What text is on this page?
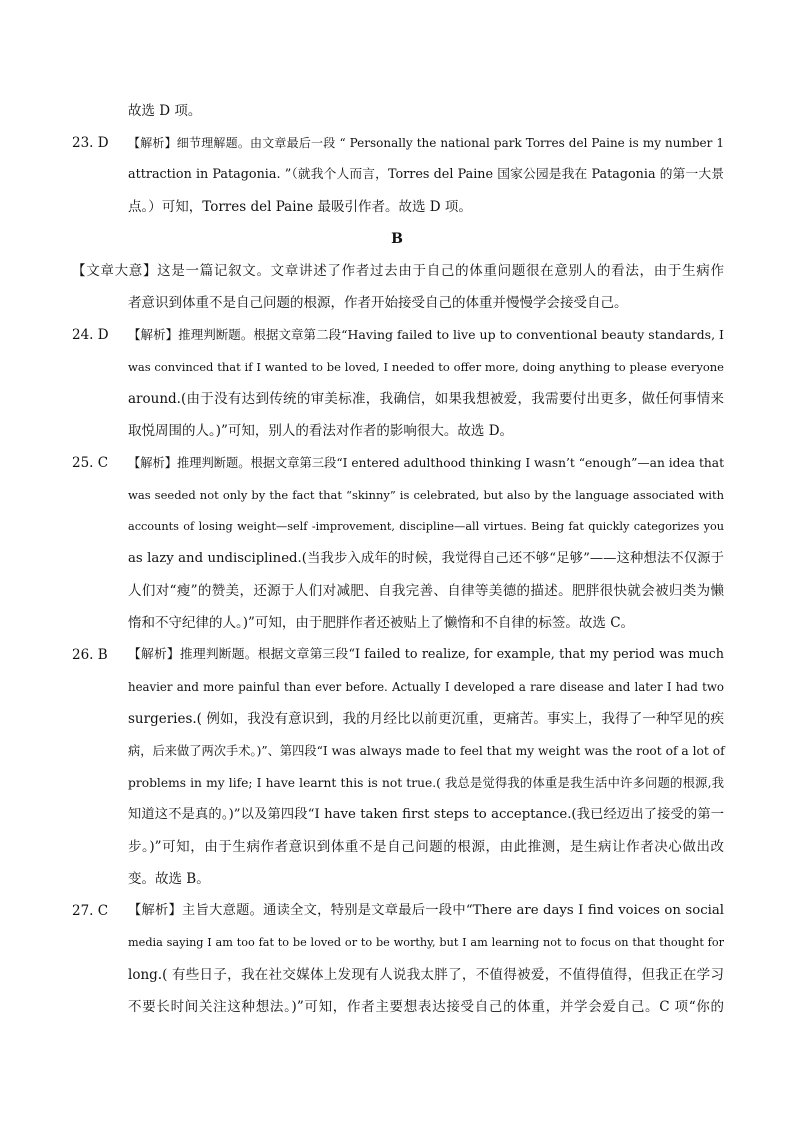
故选 D 项。
23. D 【解析】细节理解题。由文章最后一段 “ Personally the national park Torres del Paine is my number 1
attraction in Patagonia. ”（就我个人而言，Torres del Paine 国家公园是我在 Patagonia 的第一大景
点。）可知，Torres del Paine 最吸引作者。故选 D 项。
B
【文章大意】这是一篇记叙文。文章讲述了作者过去由于自己的体重问题很在意别人的看法，由于生病作
者意识到体重不是自己问题的根源，作者开始接受自己的体重并慢慢学会接受自己。
24. D 【解析】推理判断题。根据文章第二段“Having failed to live up to conventional beauty standards, I
was convinced that if I wanted to be loved, I needed to offer more, doing anything to please everyone
around.(由于没有达到传统的审美标准，我确信，如果我想被爱，我需要付出更多，做任何事情来
取悦周围的人。)”可知，别人的看法对作者的影响很大。故选 D。
25. C 【解析】推理判断题。根据文章第三段“I entered adulthood thinking I wasn’t “enough”—an idea that
was seeded not only by the fact that “skinny” is celebrated, but also by the language associated with
accounts of losing weight—self -improvement, discipline—all virtues. Being fat quickly categorizes you
as lazy and undisciplined.(当我步入成年的时候，我觉得自己还不够“足够”——这种想法不仅源于
人们对“瘦”的赞美，还源于人们对减肥、自我完善、自律等美德的描述。肥胖很快就会被归类为懒
惰和不守纪律的人。)”可知，由于肥胖作者还被贴上了懒惰和不自律的标签。故选 C。
26. B 【解析】推理判断题。根据文章第三段“I failed to realize, for example, that my period was much
heavier and more painful than ever before. Actually I developed a rare disease and later I had two
surgeries.( 例如，我没有意识到，我的月经比以前更沉重，更痛苦。事实上，我得了一种罕见的疾
病，后来做了两次手术。)”、第四段“I was always made to feel that my weight was the root of a lot of
problems in my life; I have learnt this is not true.( 我总是觉得我的体重是我生活中许多问题的根源,我
知道这不是真的。)”以及第四段“I have taken first steps to acceptance.(我已经迈出了接受的第一
步。)”可知，由于生病作者意识到体重不是自己问题的根源，由此推测，是生病让作者决心做出改
变。故选 B。
27. C 【解析】主旨大意题。通读全文，特别是文章最后一段中“There are days I find voices on social
media saying I am too fat to be loved or to be worthy, but I am learning not to focus on that thought for
long.( 有些日子，我在社交媒体上发现有人说我太胖了，不值得被爱，不值得值得，但我正在学习
不要长时间关注这种想法。)”可知，作者主要想表达接受自己的体重，并学会爱自己。C 项“你的
